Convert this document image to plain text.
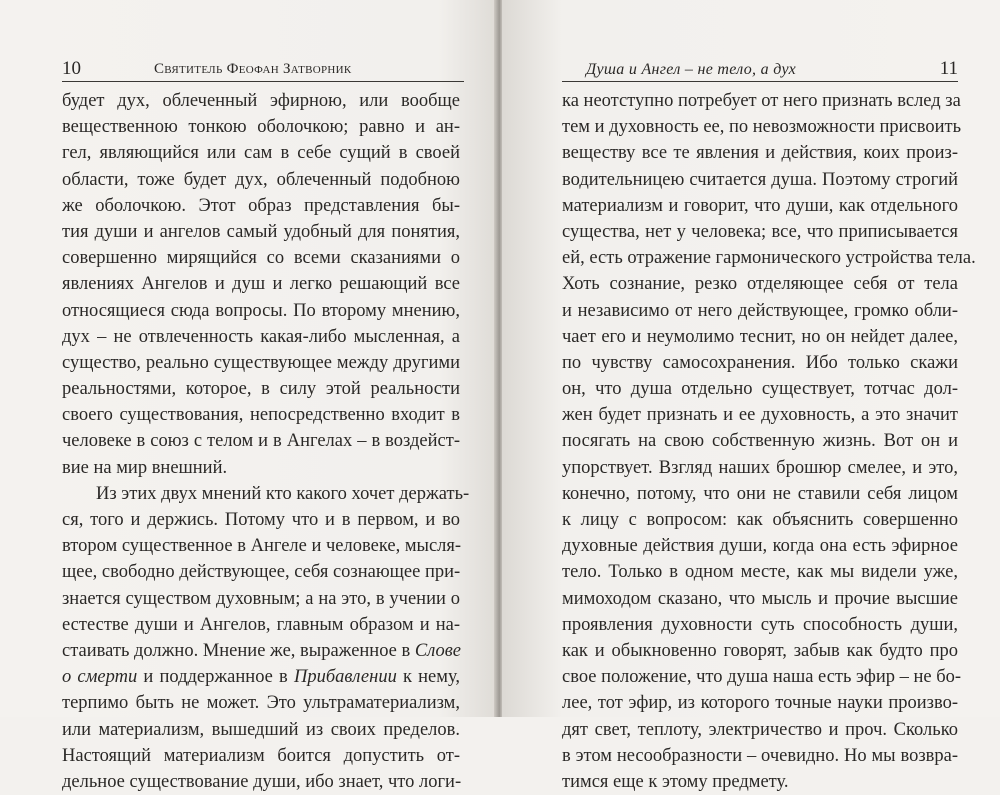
10	Святитель Феофан Затворник
будет дух, облеченный эфирною, или вообще
вещественною тонкою оболочкою; равно и ан-
гел, являющийся или сам в себе сущий в своей
области, тоже будет дух, облеченный подобною
же оболочкою. Этот образ представления бы-
тия души и ангелов самый удобный для понятия,
совершенно мирящийся со всеми сказаниями о
явлениях Ангелов и душ и легко решающий все
относящиеся сюда вопросы. По второму мнению,
дух – не отвлеченность какая-либо мысленная, а
существо, реально существующее между другими
реальностями, которое, в силу этой реальности
своего существования, непосредственно входит в
человеке в союз с телом и в Ангелах – в воздейст-
вие на мир внешний.
Из этих двух мнений кто какого хочет держать-
ся, того и держись. Потому что и в первом, и во
втором существенное в Ангеле и человеке, мысля-
щее, свободно действующее, себя сознающее при-
знается существом духовным; а на это, в учении о
естестве души и Ангелов, главным образом и на-
стаивать должно. Мнение же, выраженное в Слове
о смерти и поддержанное в Прибавлении к нему,
терпимо быть не может. Это ультраматериализм,
или материализм, вышедший из своих пределов.
Настоящий материализм боится допустить от-
дельное существование души, ибо знает, что логи-
Душа и Ангел – не тело, а дух	11
ка неотступно потребует от него признать вслед за
тем и духовность ее, по невозможности присвоить
веществу все те явления и действия, коих произ-
водительницею считается душа. Поэтому строгий
материализм и говорит, что души, как отдельного
существа, нет у человека; все, что приписывается
ей, есть отражение гармонического устройства тела.
Хоть сознание, резко отделяющее себя от тела
и независимо от него действующее, громко обли-
чает его и неумолимо теснит, но он нейдет далее,
по чувству самосохранения. Ибо только скажи
он, что душа отдельно существует, тотчас дол-
жен будет признать и ее духовность, а это значит
посягать на свою собственную жизнь. Вот он и
упорствует. Взгляд наших брошюр смелее, и это,
конечно, потому, что они не ставили себя лицом
к лицу с вопросом: как объяснить совершенно
духовные действия души, когда она есть эфирное
тело. Только в одном месте, как мы видели уже,
мимоходом сказано, что мысль и прочие высшие
проявления духовности суть способность души,
как и обыкновенно говорят, забыв как будто про
свое положение, что душа наша есть эфир – не бо-
лее, тот эфир, из которого точные науки произво-
дят свет, теплоту, электричество и проч. Сколько
в этом несообразности – очевидно. Но мы возвра-
тимся еще к этому предмету.
